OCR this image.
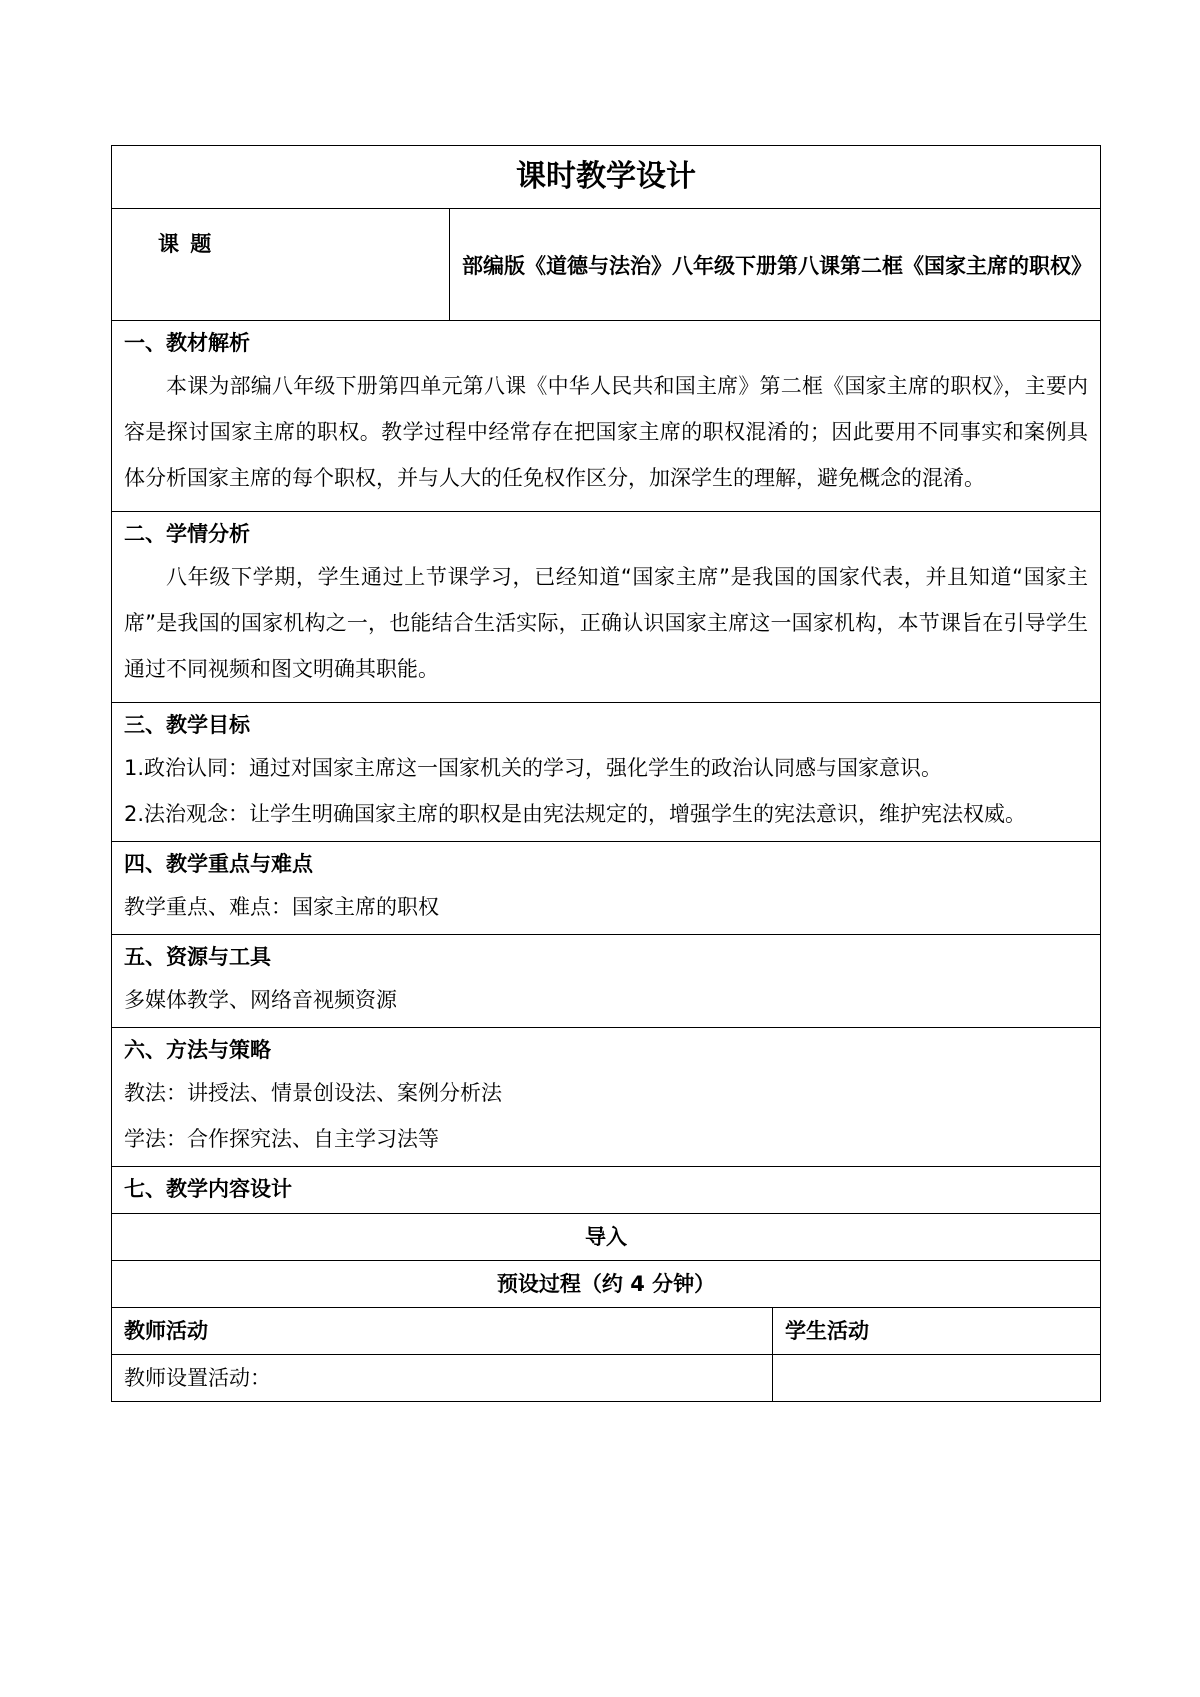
课时教学设计		
课 题	部编版《道德与法治》八年级下册第八课第二框《国家主席的职权》	

一、教材解析

本课为部编八年级下册第四单元第八课《中华人民共和国主席》第二框《国家主席的职权》，主要内容是探讨国家主席的职权。教学过程中经常存在把国家主席的职权混淆的；因此要用不同事实和案例具体分析国家主席的每个职权，并与人大的任免权作区分，加深学生的理解，避免概念的混淆。		

二、学情分析

八年级下学期，学生通过上节课学习，已经知道“国家主席”是我国的国家代表，并且知道“国家主席”是我国的国家机构之一，也能结合生活实际，正确认识国家主席这一国家机构，本节课旨在引导学生通过不同视频和图文明确其职能。		

三、教学目标

1.政治认同：通过对国家主席这一国家机关的学习，强化学生的政治认同感与国家意识。

2.法治观念：让学生明确国家主席的职权是由宪法规定的，增强学生的宪法意识，维护宪法权威。		

四、教学重点与难点

教学重点、难点：国家主席的职权		

五、资源与工具

多媒体教学、网络音视频资源		

六、方法与策略

教法：讲授法、情景创设法、案例分析法

学法：合作探究法、自主学习法等		

七、教学内容设计		

导入		
预设过程（约 4 分钟）		
教师活动		学生活动
教师设置活动：		
